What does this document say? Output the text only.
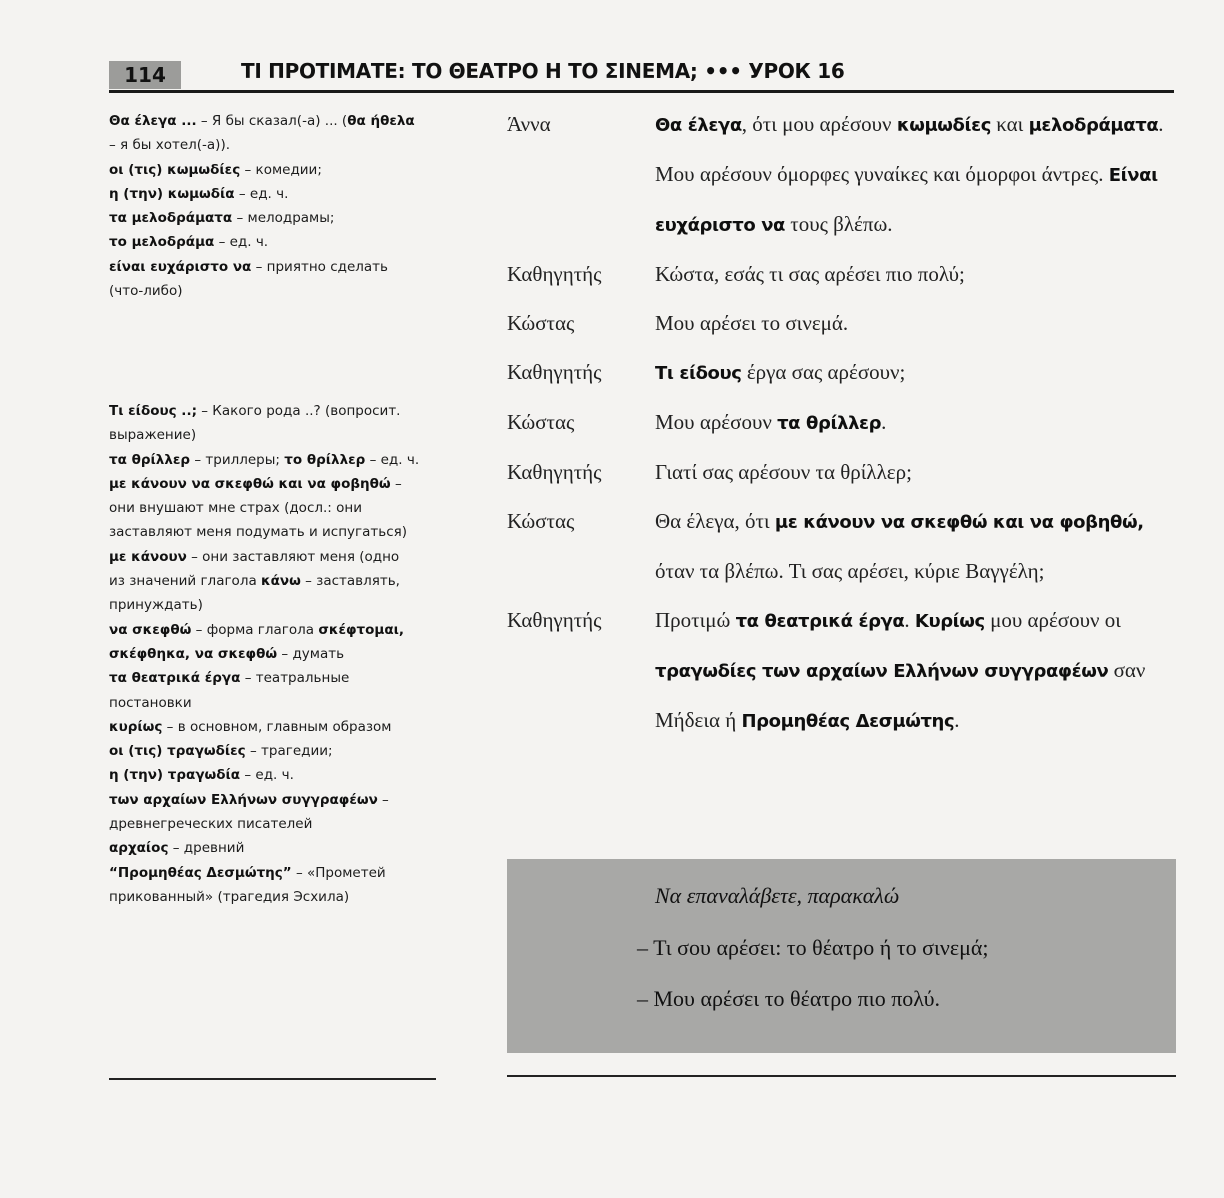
114	ΤΙ ΠΡΟΤΙΜΑΤΕ: ΤΟ ΘΕΑΤΡΟ Η ΤΟ ΣΙΝΕΜΑ; ••• УРОК 16
Θα έλεγα ... – Я бы сказал(-а) ... (θα ήθελα
– я бы хотел(-а)).
οι (τις) κωμωδίες – комедии;
η (την) κωμωδία – ед. ч.
τα μελοδράματα – мелодрамы;
το μελοδράμα – ед. ч.
είναι ευχάριστο να – приятно сделать
(что-либо)
Τι είδους ..; – Какого рода ..? (вопросит.
выражение)
τα θρίλλερ – триллеры; το θρίλλερ – ед. ч.
με κάνουν να σκεφθώ και να φοβηθώ –
они внушают мне страх (досл.: они
заставляют меня подумать и испугаться)
με κάνουν – они заставляют меня (одно
из значений глагола κάνω – заставлять,
принуждать)
να σκεφθώ – форма глагола σκέφτομαι,
σκέφθηκα, να σκεφθώ – думать
τα θεατρικά έργα – театральные
постановки
κυρίως – в основном, главным образом
οι (τις) τραγωδίες – трагедии;
η (την) τραγωδία – ед. ч.
των αρχαίων Ελλήνων συγγραφέων –
древнегреческих писателей
αρχαίος – древний
“Προμηθέας Δεσμώτης” – «Прометей
прикованный» (трагедия Эсхила)
Άννα	Θα έλεγα, ότι μου αρέσουν κωμωδίες και μελοδράματα. Μου αρέσουν όμορφες γυναίκες και όμορφοι άντρες. Είναι ευχάριστο να τους βλέπω.
Καθηγητής	Κώστα, εσάς τι σας αρέσει πιο πολύ;
Κώστας	Μου αρέσει το σινεμά.
Καθηγητής	Τι είδους έργα σας αρέσουν;
Κώστας	Μου αρέσουν τα θρίλλερ.
Καθηγητής	Γιατί σας αρέσουν τα θρίλλερ;
Κώστας	Θα έλεγα, ότι με κάνουν να σκεφθώ και να φοβηθώ, όταν τα βλέπω. Τι σας αρέσει, κύριε Βαγγέλη;
Καθηγητής	Προτιμώ τα θεατρικά έργα. Κυρίως μου αρέσουν οι τραγωδίες των αρχαίων Ελλήνων συγγραφέων σαν Μήδεια ή Προμηθέας Δεσμώτης.
Να επαναλάβετε, παρακαλώ
– Τι σου αρέσει: το θέατρο ή το σινεμά;
– Μου αρέσει το θέατρο πιο πολύ.
